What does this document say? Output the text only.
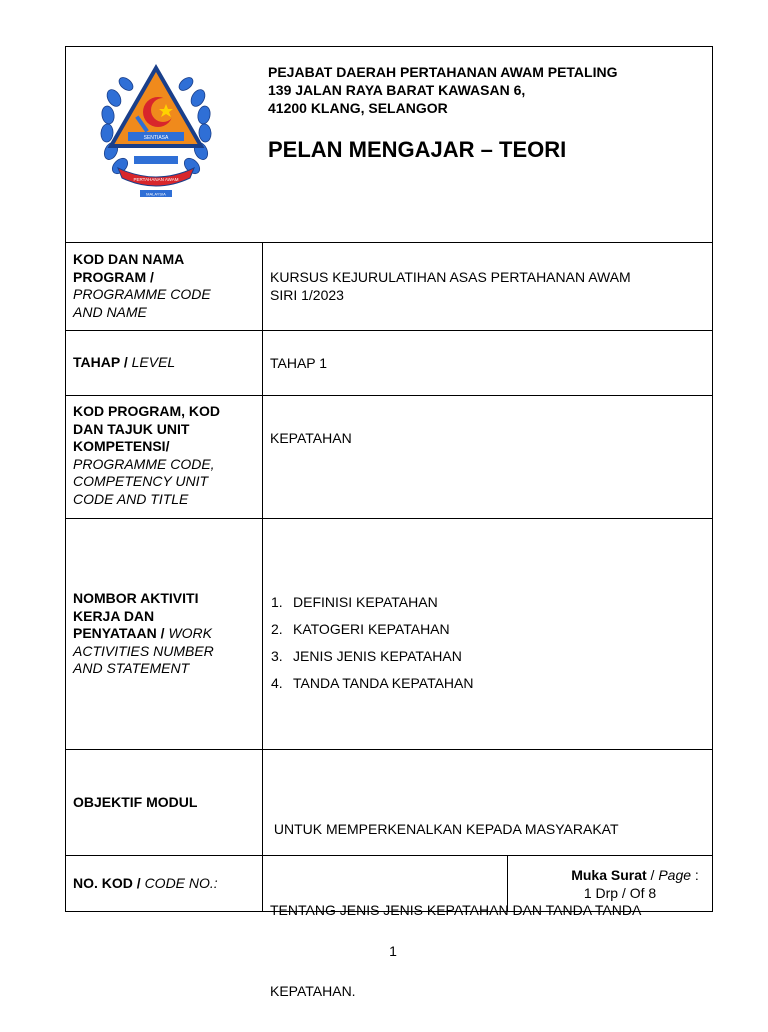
SENTIASA
PERTAHANAN AWAM
MALAYSIA
PEJABAT DAERAH PERTAHANAN AWAM PETALING
139 JALAN RAYA BARAT KAWASAN 6,
41200 KLANG, SELANGOR
PELAN MENGAJAR – TEORI
KOD DAN NAMA
PROGRAM /
PROGRAMME CODE
AND NAME
KURSUS KEJURULATIHAN ASAS PERTAHANAN AWAM
SIRI 1/2023
TAHAP / LEVEL	TAHAP 1
KOD PROGRAM, KOD
DAN TAJUK UNIT
KOMPETENSI/
PROGRAMME CODE,
COMPETENCY UNIT
CODE AND TITLE
KEPATAHAN
NOMBOR AKTIVITI
KERJA DAN
PENYATAAN / WORK
ACTIVITIES NUMBER
AND STATEMENT
1. DEFINISI KEPATAHAN
2. KATOGERI KEPATAHAN
3. JENIS JENIS KEPATAHAN
4. TANDA TANDA KEPATAHAN
OBJEKTIF MODUL

UNTUK MEMPERKENALKAN KEPADA MASYARAKAT

TENTANG JENIS JENIS KEPATAHAN DAN TANDA TANDA

KEPATAHAN.

NO. KOD / CODE NO.:	Muka Surat / Page :
1 Drp / Of 8
1
